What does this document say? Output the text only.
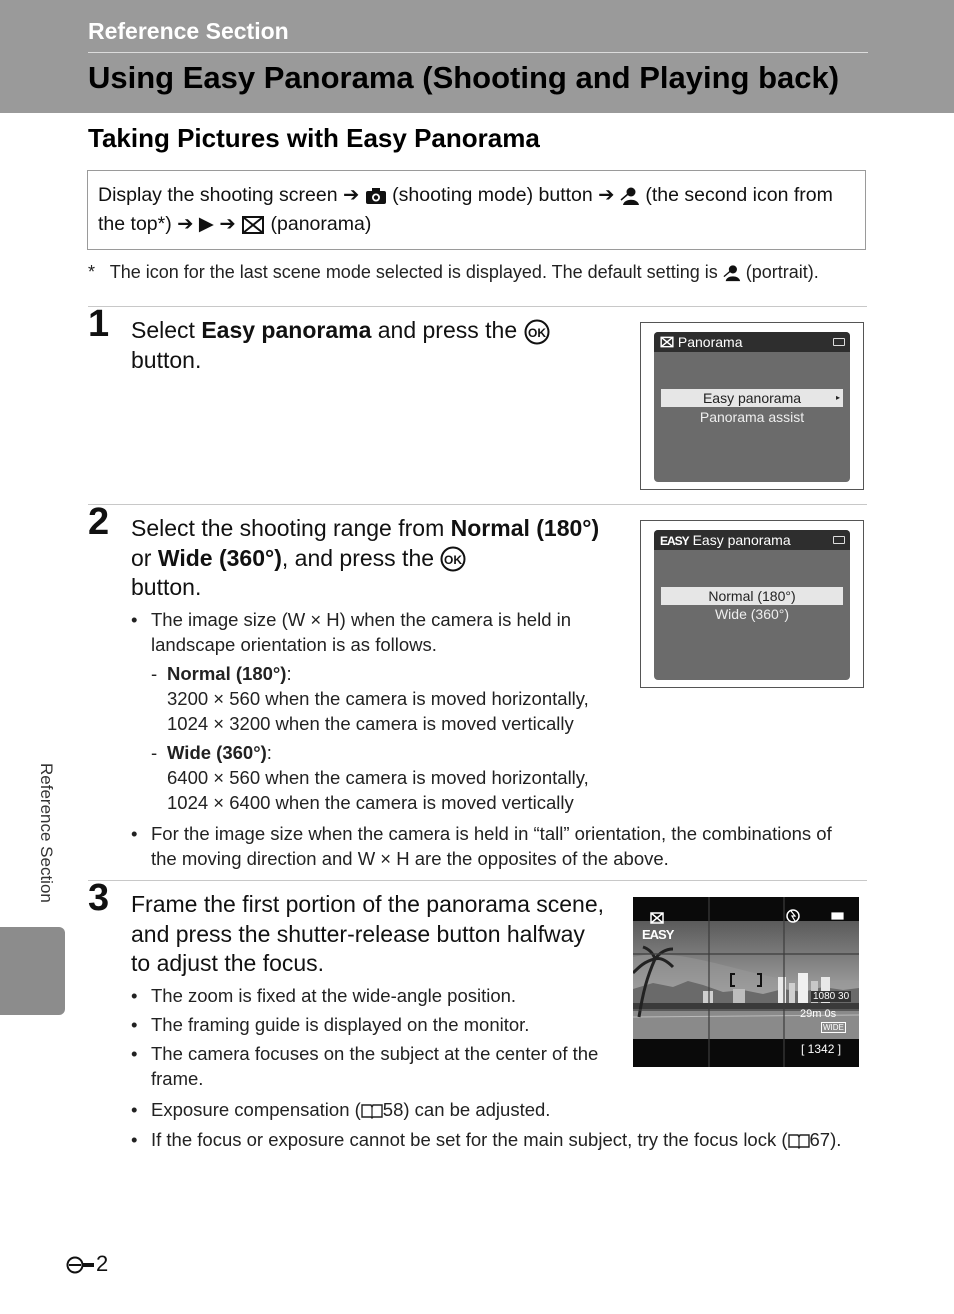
Reference Section
Using Easy Panorama (Shooting and Playing back)
Taking Pictures with Easy Panorama
Display the shooting screen ➔ (shooting mode) button ➔ (the second icon from the top*) ➔ ▶ ➔ (panorama)
* The icon for the last scene mode selected is displayed. The default setting is (portrait).
1 Select Easy panorama and press the OK

button.
Panorama
Easy panorama	▸
Panorama assist
2 Select the shooting range from Normal (180°) or Wide (360°), and press the OK

button.
• The image size (W × H) when the camera is held in landscape orientation is as follows.
- Normal (180°):
3200 × 560 when the camera is moved horizontally,
1024 × 3200 when the camera is moved vertically
- Wide (360°):
6400 × 560 when the camera is moved horizontally,
1024 × 6400 when the camera is moved vertically
• For the image size when the camera is held in “tall” orientation, the combinations of the moving direction and W × H are the opposites of the above.
EASY Easy panorama
Normal (180°)
Wide (360°)
3 Frame the first portion of the panorama scene, and press the shutter-release button halfway to adjust the focus.
• The zoom is fixed at the wide-angle position.
• The framing guide is displayed on the monitor.
• The camera focuses on the subject at the center of the frame.
• Exposure compensation ( 58) can be adjusted.
• If the focus or exposure cannot be set for the main subject, try the focus lock ( 67).
EASY
1080 30
29m 0s
WIDE
[ 1342 ]
Reference Section
2
